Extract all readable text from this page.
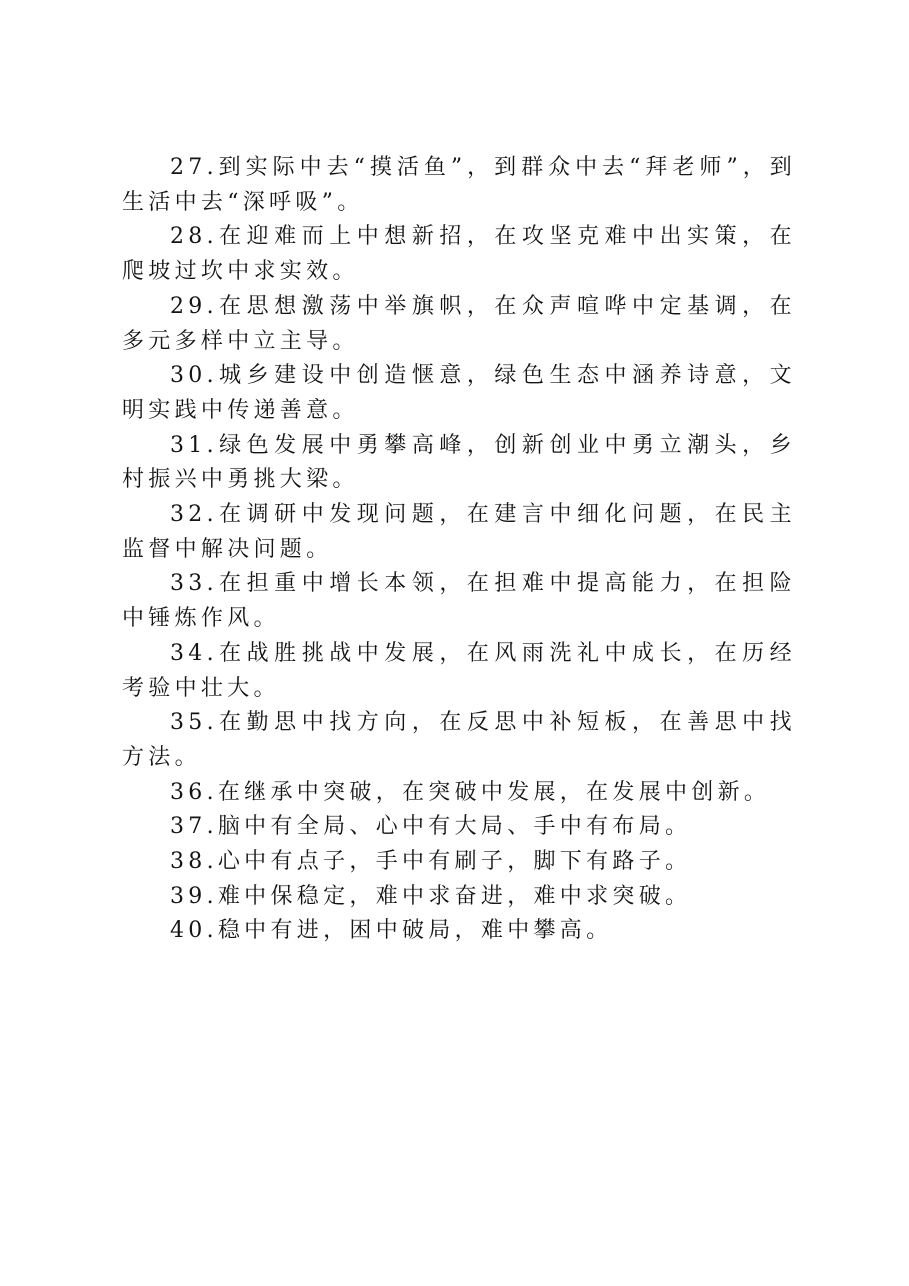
27.到实际中去“摸活鱼”，到群众中去“拜老师”，到生活中去“深呼吸”。

28.在迎难而上中想新招，在攻坚克难中出实策，在爬坡过坎中求实效。

29.在思想激荡中举旗帜，在众声喧哗中定基调，在多元多样中立主导。

30.城乡建设中创造惬意，绿色生态中涵养诗意，文明实践中传递善意。

31.绿色发展中勇攀高峰，创新创业中勇立潮头，乡村振兴中勇挑大梁。

32.在调研中发现问题，在建言中细化问题，在民主监督中解决问题。

33.在担重中增长本领，在担难中提高能力，在担险中锤炼作风。

34.在战胜挑战中发展，在风雨洗礼中成长，在历经考验中壮大。

35.在勤思中找方向，在反思中补短板，在善思中找方法。

36.在继承中突破，在突破中发展，在发展中创新。

37.脑中有全局、心中有大局、手中有布局。

38.心中有点子，手中有刷子，脚下有路子。

39.难中保稳定，难中求奋进，难中求突破。

40.稳中有进，困中破局，难中攀高。
